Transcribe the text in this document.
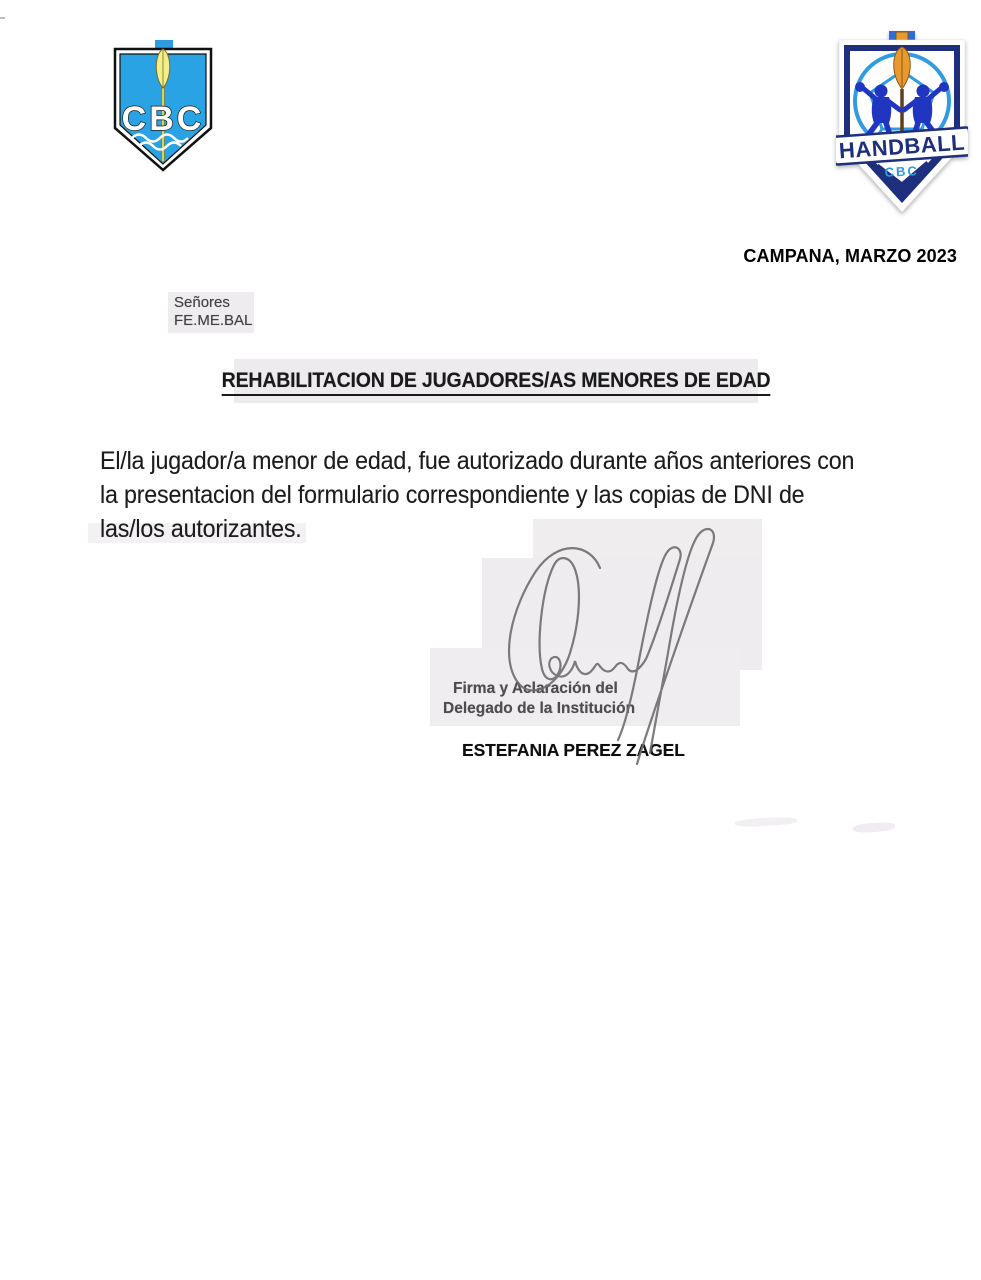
CBC
HANDBALL
CBC
CAMPANA, MARZO 2023
Señores
FE.ME.BAL
REHABILITACION DE JUGADORES/AS MENORES DE EDAD
El/la jugador/a menor de edad, fue autorizado durante años anteriores con
la presentacion del formulario correspondiente y las copias de DNI de
las/los autorizantes.
Firma y Aclaración del
Delegado de la Institución
ESTEFANIA PEREZ ZAGEL
